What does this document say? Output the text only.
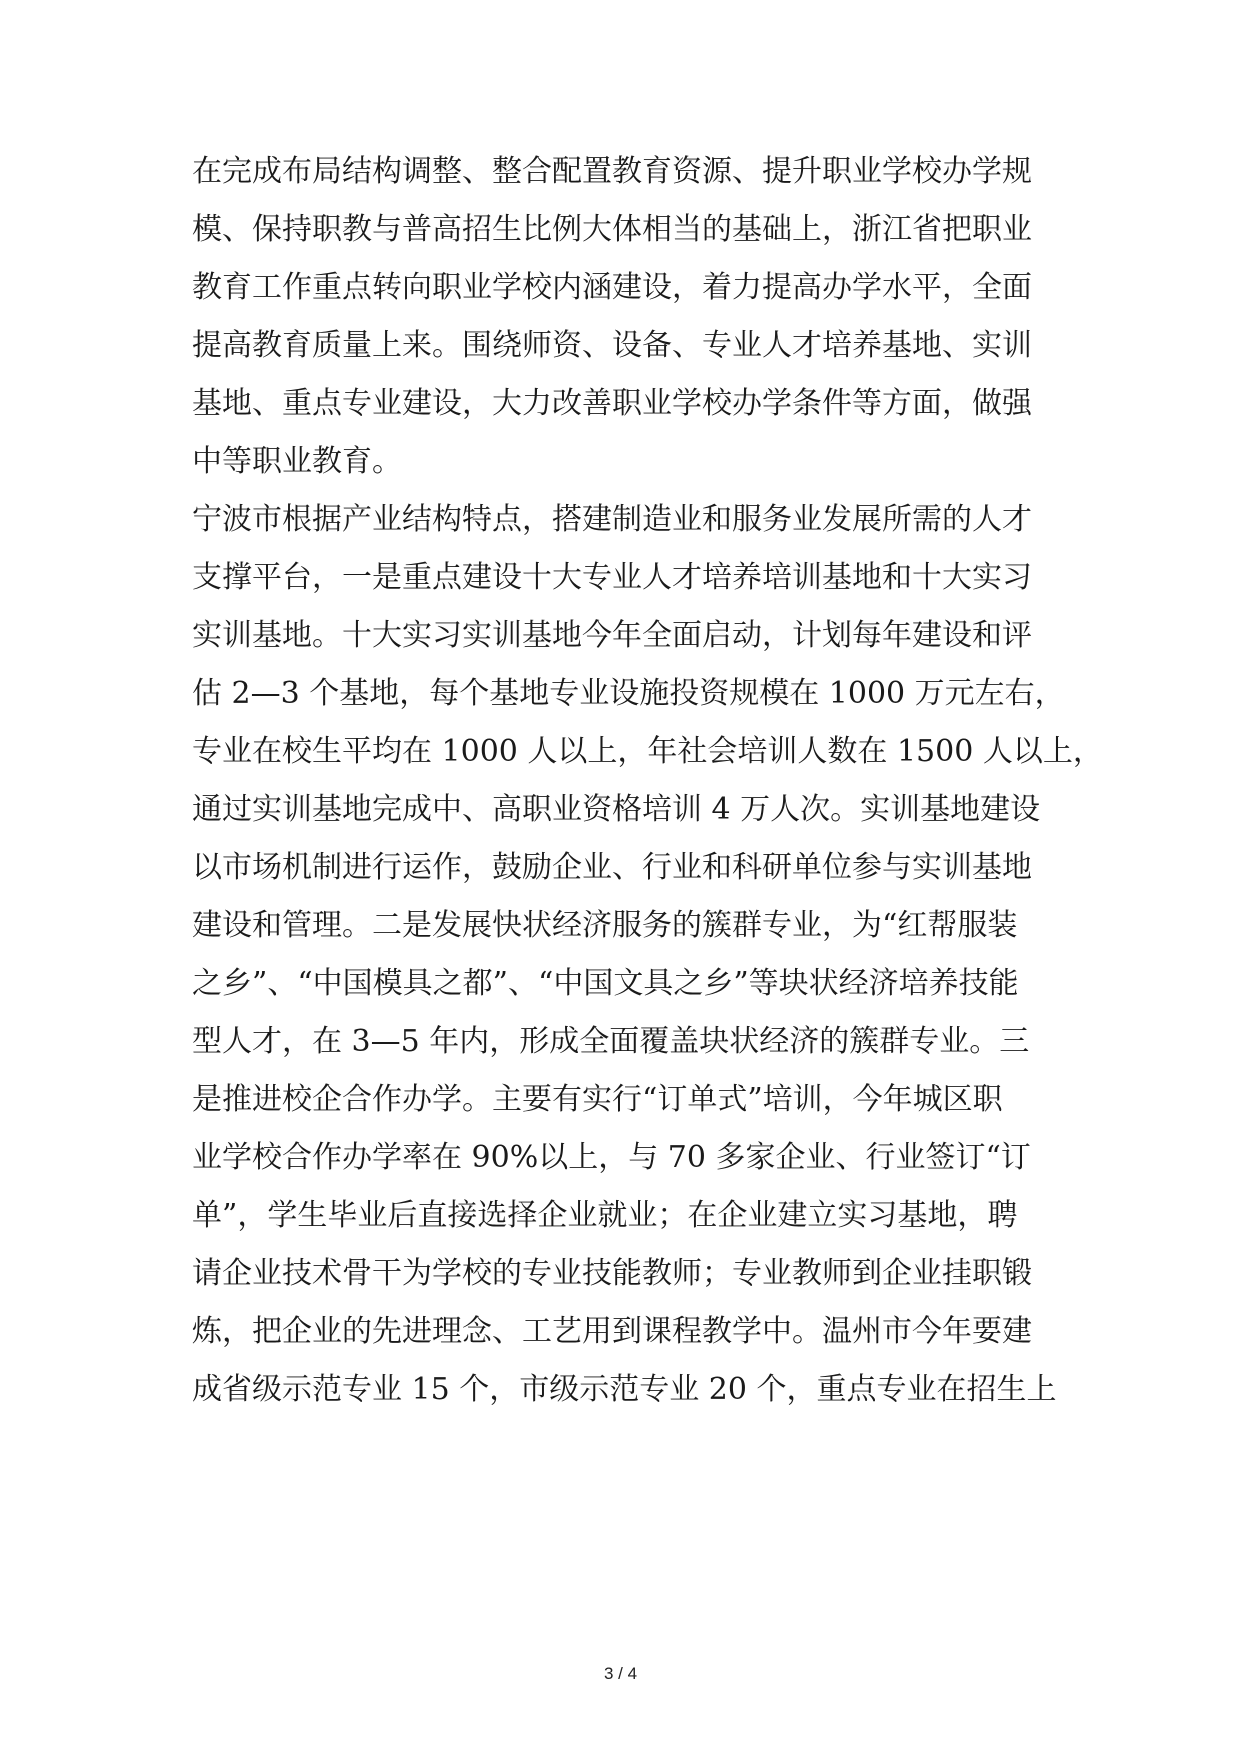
在完成布局结构调整、整合配置教育资源、提升职业学校办学规
模、保持职教与普高招生比例大体相当的基础上，浙江省把职业
教育工作重点转向职业学校内涵建设，着力提高办学水平，全面
提高教育质量上来。围绕师资、设备、专业人才培养基地、实训
基地、重点专业建设，大力改善职业学校办学条件等方面，做强
中等职业教育。
宁波市根据产业结构特点，搭建制造业和服务业发展所需的人才
支撑平台，一是重点建设十大专业人才培养培训基地和十大实习
实训基地。十大实习实训基地今年全面启动，计划每年建设和评
估 2—3 个基地，每个基地专业设施投资规模在 1000 万元左右，
专业在校生平均在 1000 人以上，年社会培训人数在 1500 人以上，
通过实训基地完成中、高职业资格培训 4 万人次。实训基地建设
以市场机制进行运作，鼓励企业、行业和科研单位参与实训基地
建设和管理。二是发展快状经济服务的簇群专业，为“红帮服装
之乡”、“中国模具之都”、“中国文具之乡”等块状经济培养技能
型人才，在 3—5 年内，形成全面覆盖块状经济的簇群专业。三
是推进校企合作办学。主要有实行“订单式”培训，今年城区职
业学校合作办学率在 90%以上，与 70 多家企业、行业签订“订
单”，学生毕业后直接选择企业就业；在企业建立实习基地，聘
请企业技术骨干为学校的专业技能教师；专业教师到企业挂职锻
炼，把企业的先进理念、工艺用到课程教学中。温州市今年要建
成省级示范专业 15 个，市级示范专业 20 个，重点专业在招生上
3 / 4
